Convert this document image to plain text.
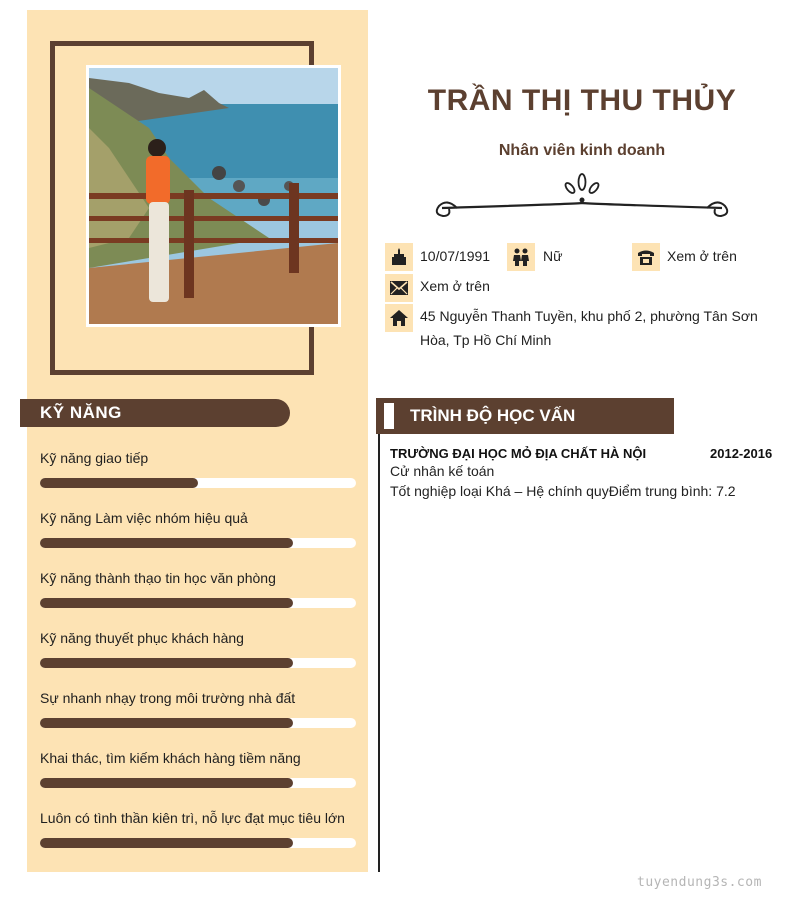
KỸ NĂNG
Kỹ năng giao tiếp
Kỹ năng Làm việc nhóm hiệu quả
Kỹ năng thành thạo tin học văn phòng
Kỹ năng thuyết phục khách hàng
Sự nhanh nhạy trong môi trường nhà đất
Khai thác, tìm kiếm khách hàng tiềm năng
Luôn có tình thần kiên trì, nỗ lực đạt mục tiêu lớn
TRẦN THỊ THU THỦY
Nhân viên kinh doanh
10/07/1991	Nữ	Xem ở trên
Xem ở trên
45 Nguyễn Thanh Tuyền, khu phố 2, phường Tân Sơn
Hòa, Tp Hồ Chí Minh
TRÌNH ĐỘ HỌC VẤN
TRƯỜNG ĐẠI HỌC MỎ ĐỊA CHẤT HÀ NỘI	2012-2016
Cử nhân kế toán
Tốt nghiệp loại Khá – Hệ chính quyĐiểm trung bình: 7.2
tuyendung3s.com
